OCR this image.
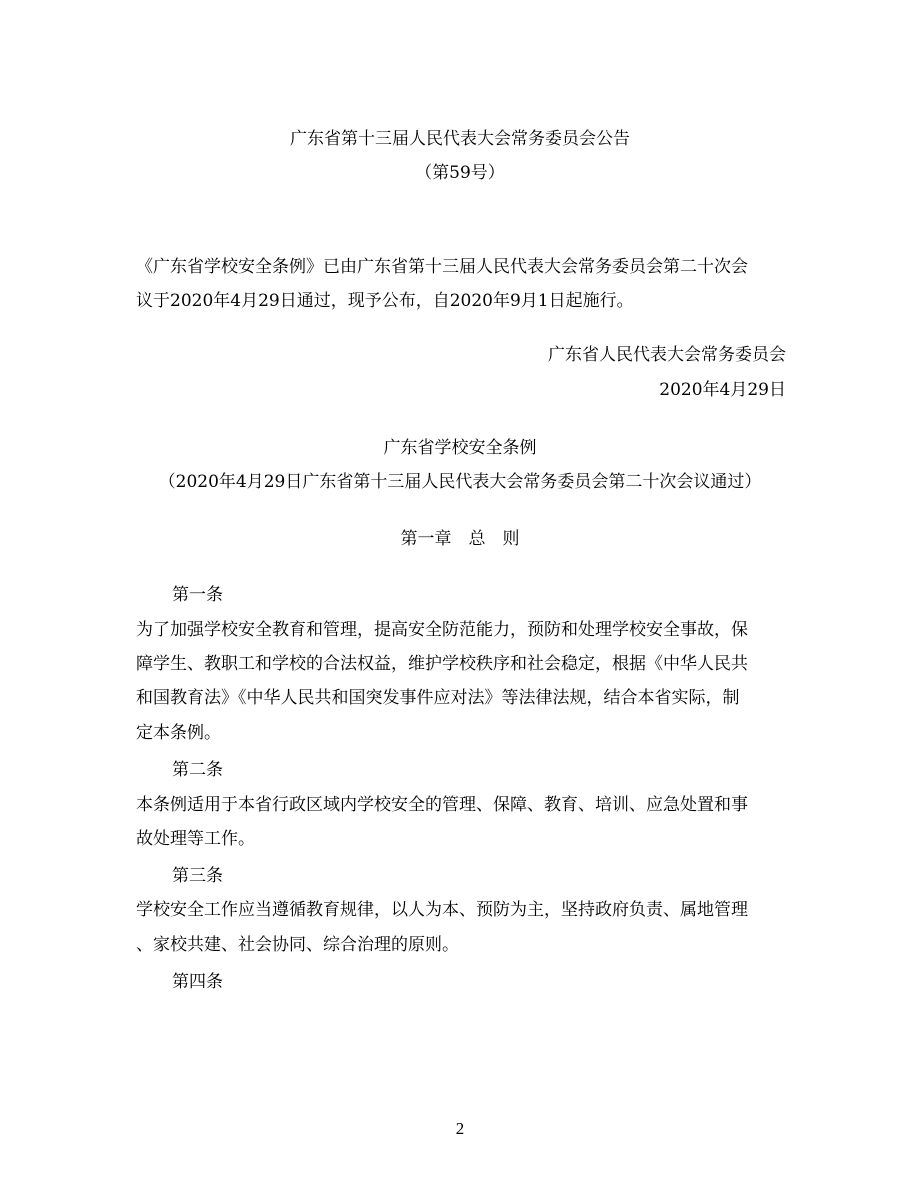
广东省第十三届人民代表大会常务委员会公告

（第59号）

《广东省学校安全条例》已由广东省第十三届人民代表大会常务委员会第二十次会

议于2020年4月29日通过，现予公布，自2020年9月1日起施行。

广东省人民代表大会常务委员会

2020年4月29日

广东省学校安全条例

（2020年4月29日广东省第十三届人民代表大会常务委员会第二十次会议通过）

第一章　总　则

第一条

为了加强学校安全教育和管理，提高安全防范能力，预防和处理学校安全事故，保

障学生、教职工和学校的合法权益，维护学校秩序和社会稳定，根据《中华人民共

和国教育法》《中华人民共和国突发事件应对法》等法律法规，结合本省实际，制

定本条例。

第二条

本条例适用于本省行政区域内学校安全的管理、保障、教育、培训、应急处置和事

故处理等工作。

第三条

学校安全工作应当遵循教育规律，以人为本、预防为主，坚持政府负责、属地管理

、家校共建、社会协同、综合治理的原则。

第四条

2
